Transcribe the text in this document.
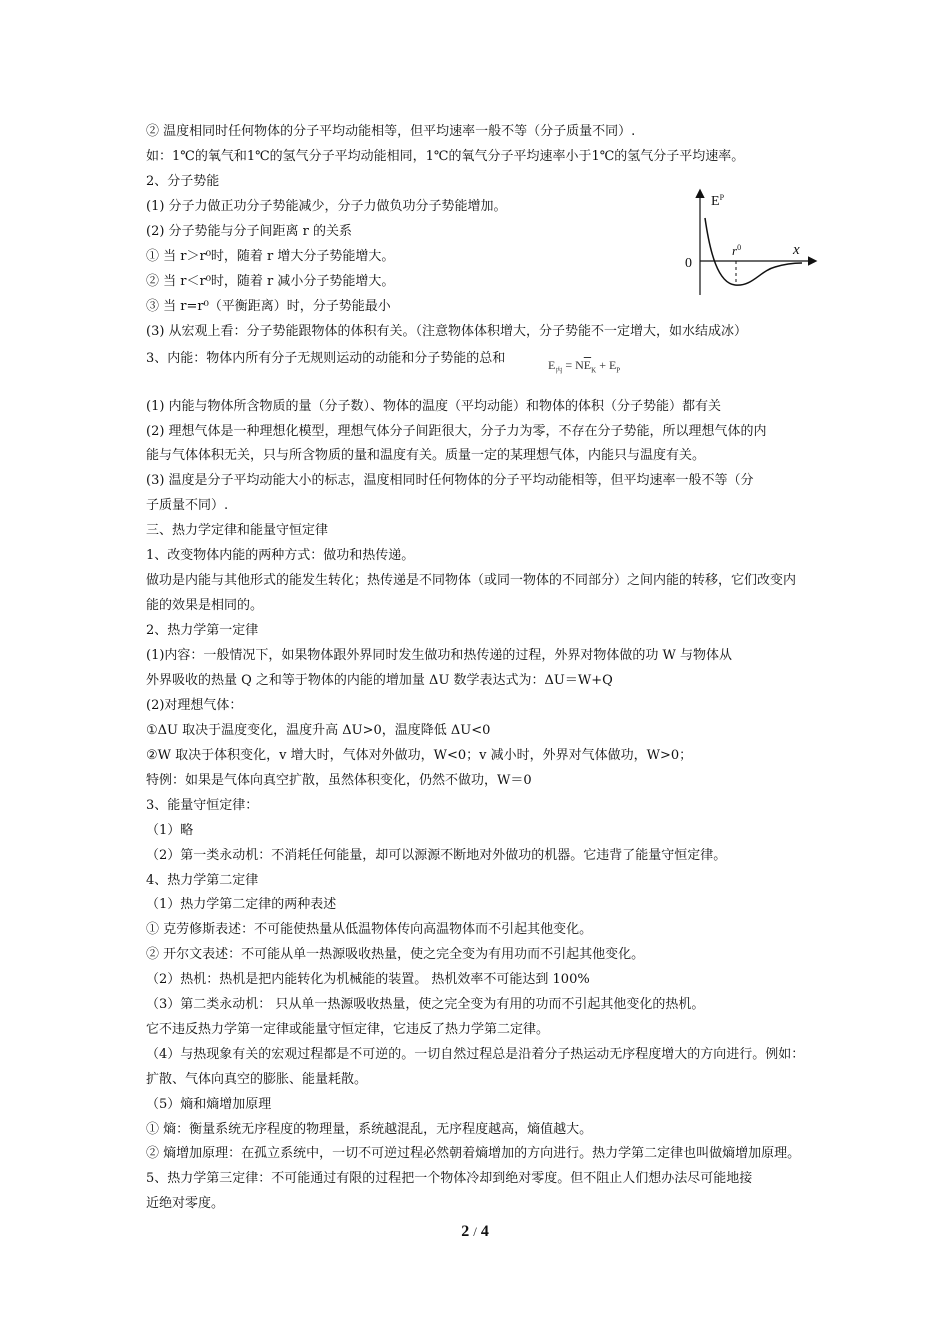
② 温度相同时任何物体的分子平均动能相等，但平均速率一般不等（分子质量不同）.
如：1℃的氧气和1℃的氢气分子平均动能相同，1℃的氧气分子平均速率小于1℃的氢气分子平均速率。
2、分子势能
(1) 分子力做正功分子势能减少，分子力做负功分子势能增加。
(2) 分子势能与分子间距离 r 的关系
① 当 r＞r⁰时，随着 r 增大分子势能增大。
② 当 r＜r⁰时，随着 r 减小分子势能增大。
③ 当 r=r⁰（平衡距离）时，分子势能最小
(3) 从宏观上看：分子势能跟物体的体积有关。（注意物体体积增大，分子势能不一定增大，如水结成冰）
3、内能：物体内所有分子无规则运动的动能和分子势能的总和	$E_内 = N\overline{E}_K + E_P$
(1) 内能与物体所含物质的量（分子数）、物体的温度（平均动能）和物体的体积（分子势能）都有关
(2) 理想气体是一种理想化模型，理想气体分子间距很大，分子力为零，不存在分子势能，所以理想气体的内
能与气体体积无关，只与所含物质的量和温度有关。质量一定的某理想气体，内能只与温度有关。
(3) 温度是分子平均动能大小的标志，温度相同时任何物体的分子平均动能相等，但平均速率一般不等（分
子质量不同）.
三、热力学定律和能量守恒定律
1、改变物体内能的两种方式：做功和热传递。
做功是内能与其他形式的能发生转化；热传递是不同物体（或同一物体的不同部分）之间内能的转移，它们改变内
能的效果是相同的。
2、热力学第一定律
(1)内容：一般情况下，如果物体跟外界同时发生做功和热传递的过程，外界对物体做的功 W 与物体从
外界吸收的热量 Q 之和等于物体的内能的增加量 ΔU 数学表达式为：ΔU＝W+Q
(2)对理想气体：
①ΔU 取决于温度变化，温度升高 ΔU>0，温度降低 ΔU<0
②W 取决于体积变化，v 增大时，气体对外做功，W<0；v 减小时，外界对气体做功，W>0；
特例：如果是气体向真空扩散，虽然体积变化，仍然不做功，W＝0
3、能量守恒定律：
（1）略
（2）第一类永动机：不消耗任何能量，却可以源源不断地对外做功的机器。它违背了能量守恒定律。
4、热力学第二定律
（1）热力学第二定律的两种表述
① 克劳修斯表述：不可能使热量从低温物体传向高温物体而不引起其他变化。
② 开尔文表述：不可能从单一热源吸收热量，使之完全变为有用功而不引起其他变化。
（2）热机：热机是把内能转化为机械能的装置。 热机效率不可能达到 100%
（3）第二类永动机： 只从单一热源吸收热量，使之完全变为有用的功而不引起其他变化的热机。
它不违反热力学第一定律或能量守恒定律，它违反了热力学第二定律。
（4）与热现象有关的宏观过程都是不可逆的。一切自然过程总是沿着分子热运动无序程度增大的方向进行。例如：
扩散、气体向真空的膨胀、能量耗散。
（5）熵和熵增加原理
① 熵：衡量系统无序程度的物理量，系统越混乱，无序程度越高，熵值越大。
② 熵增加原理：在孤立系统中，一切不可逆过程必然朝着熵增加的方向进行。热力学第二定律也叫做熵增加原理。
5、热力学第三定律：不可能通过有限的过程把一个物体冷却到绝对零度。但不阻止人们想办法尽可能地接
近绝对零度。
$E^P$
0
$r^0$	x
2 / 4
